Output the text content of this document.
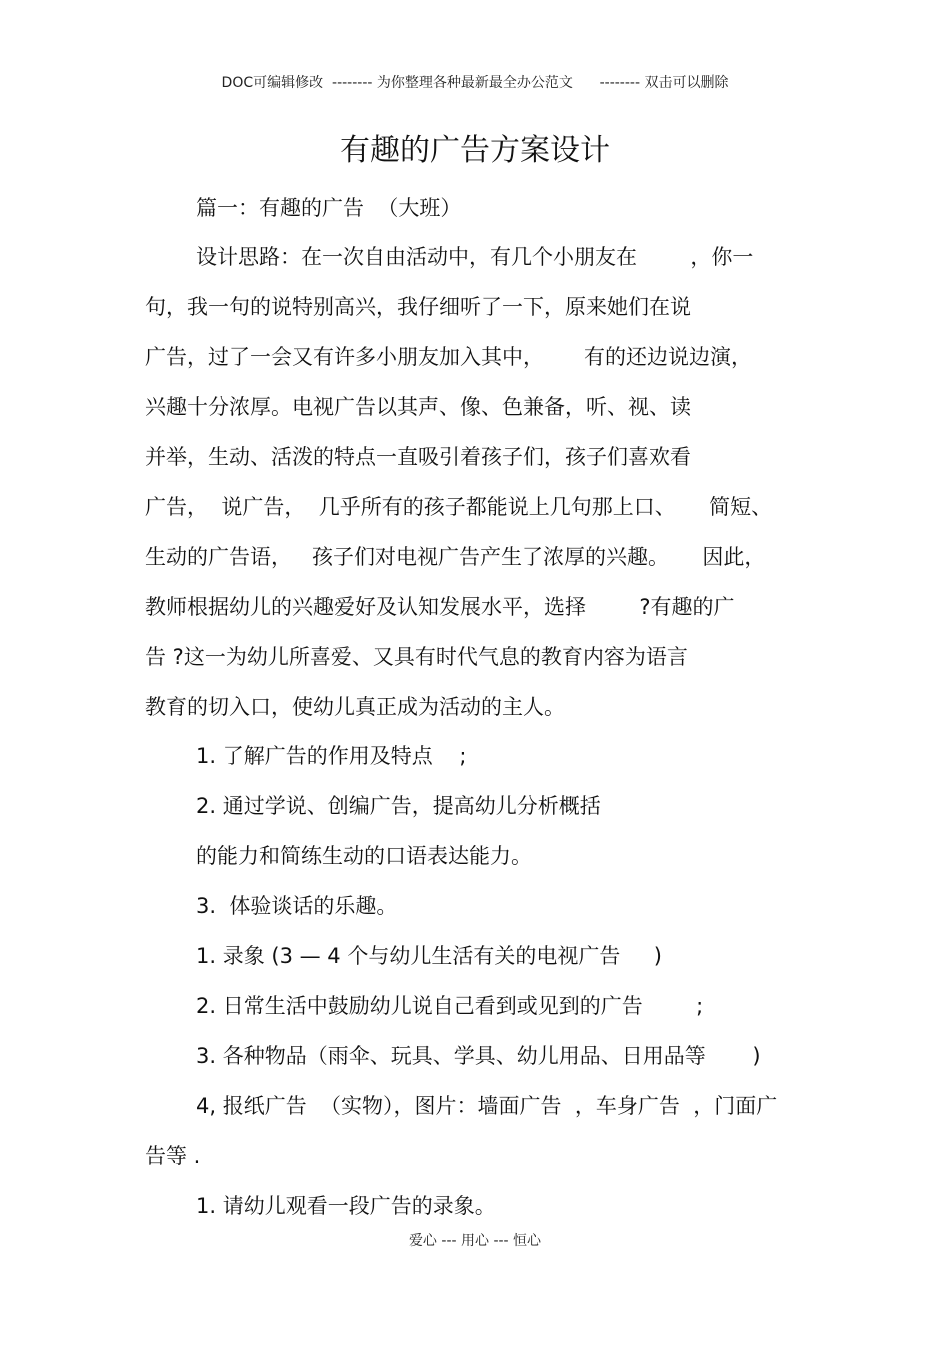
DOC可编辑修改  -------- 为你整理各种最新最全办公范文      -------- 双击可以删除
有趣的广告方案设计
篇一：有趣的广告  （大班）
设计思路：在一次自由活动中，有几个小朋友在        ，你一
句，我一句的说特别高兴，我仔细听了一下，原来她们在说
广告，过了一会又有许多小朋友加入其中，      有的还边说边演，
兴趣十分浓厚。电视广告以其声、像、色兼备，听、视、读
并举，生动、活泼的特点一直吸引着孩子们，孩子们喜欢看
广告，  说广告，  几乎所有的孩子都能说上几句那上口、     简短、
生动的广告语，   孩子们对电视广告产生了浓厚的兴趣。     因此，
教师根据幼儿的兴趣爱好及认知发展水平，选择        ?有趣的广
告 ?这一为幼儿所喜爱、又具有时代气息的教育内容为语言
教育的切入口，使幼儿真正成为活动的主人。
1. 了解广告的作用及特点    ;
2. 通过学说、创编广告，提高幼儿分析概括
的能力和简练生动的口语表达能力。
3.  体验谈话的乐趣。
1. 录象 (3 — 4 个与幼儿生活有关的电视广告     )
2. 日常生活中鼓励幼儿说自己看到或见到的广告        ;
3. 各种物品（雨伞、玩具、学具、幼儿用品、日用品等       )
4, 报纸广告  （实物），图片：墙面广告  ，车身广告  ，门面广
告等 .
1. 请幼儿观看一段广告的录象。
爱心 --- 用心 --- 恒心
